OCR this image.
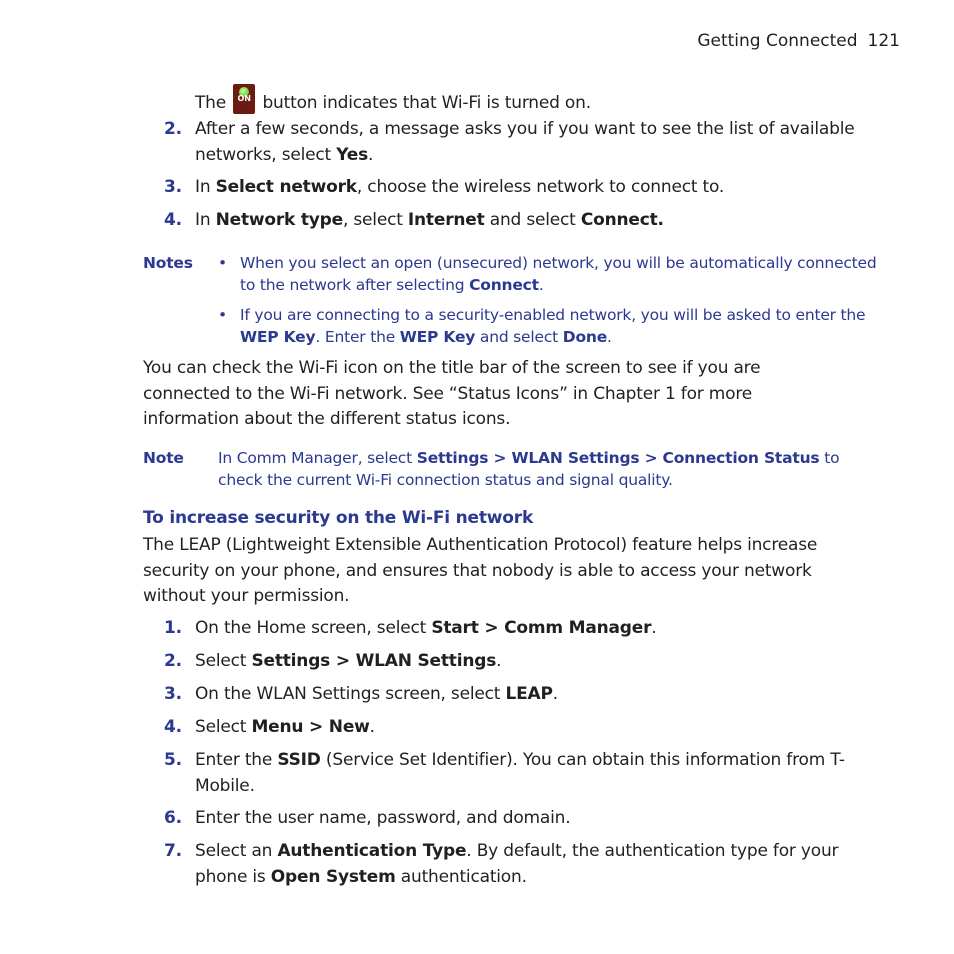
Getting Connected 121
The	ON button indicates that Wi-Fi is turned on.
2. After a few seconds, a message asks you if you want to see the list of available networks, select Yes.
3. In Select network, choose the wireless network to connect to.
4. In Network type, select Internet and select Connect.
Notes	• When you select an open (unsecured) network, you will be automatically connected to the network after selecting Connect.
• If you are connecting to a security-enabled network, you will be asked to enter the WEP Key. Enter the WEP Key and select Done.
You can check the Wi-Fi icon on the title bar of the screen to see if you are connected to the Wi-Fi network. See “Status Icons” in Chapter 1 for more information about the different status icons.
Note	In Comm Manager, select Settings > WLAN Settings > Connection Status to check the current Wi-Fi connection status and signal quality.
To increase security on the Wi-Fi network
The LEAP (Lightweight Extensible Authentication Protocol) feature helps increase security on your phone, and ensures that nobody is able to access your network without your permission.
1. On the Home screen, select Start > Comm Manager.
2. Select Settings > WLAN Settings.
3. On the WLAN Settings screen, select LEAP.
4. Select Menu > New.
5. Enter the SSID (Service Set Identifier). You can obtain this information from T-Mobile.
6. Enter the user name, password, and domain.
7. Select an Authentication Type. By default, the authentication type for your phone is Open System authentication.
